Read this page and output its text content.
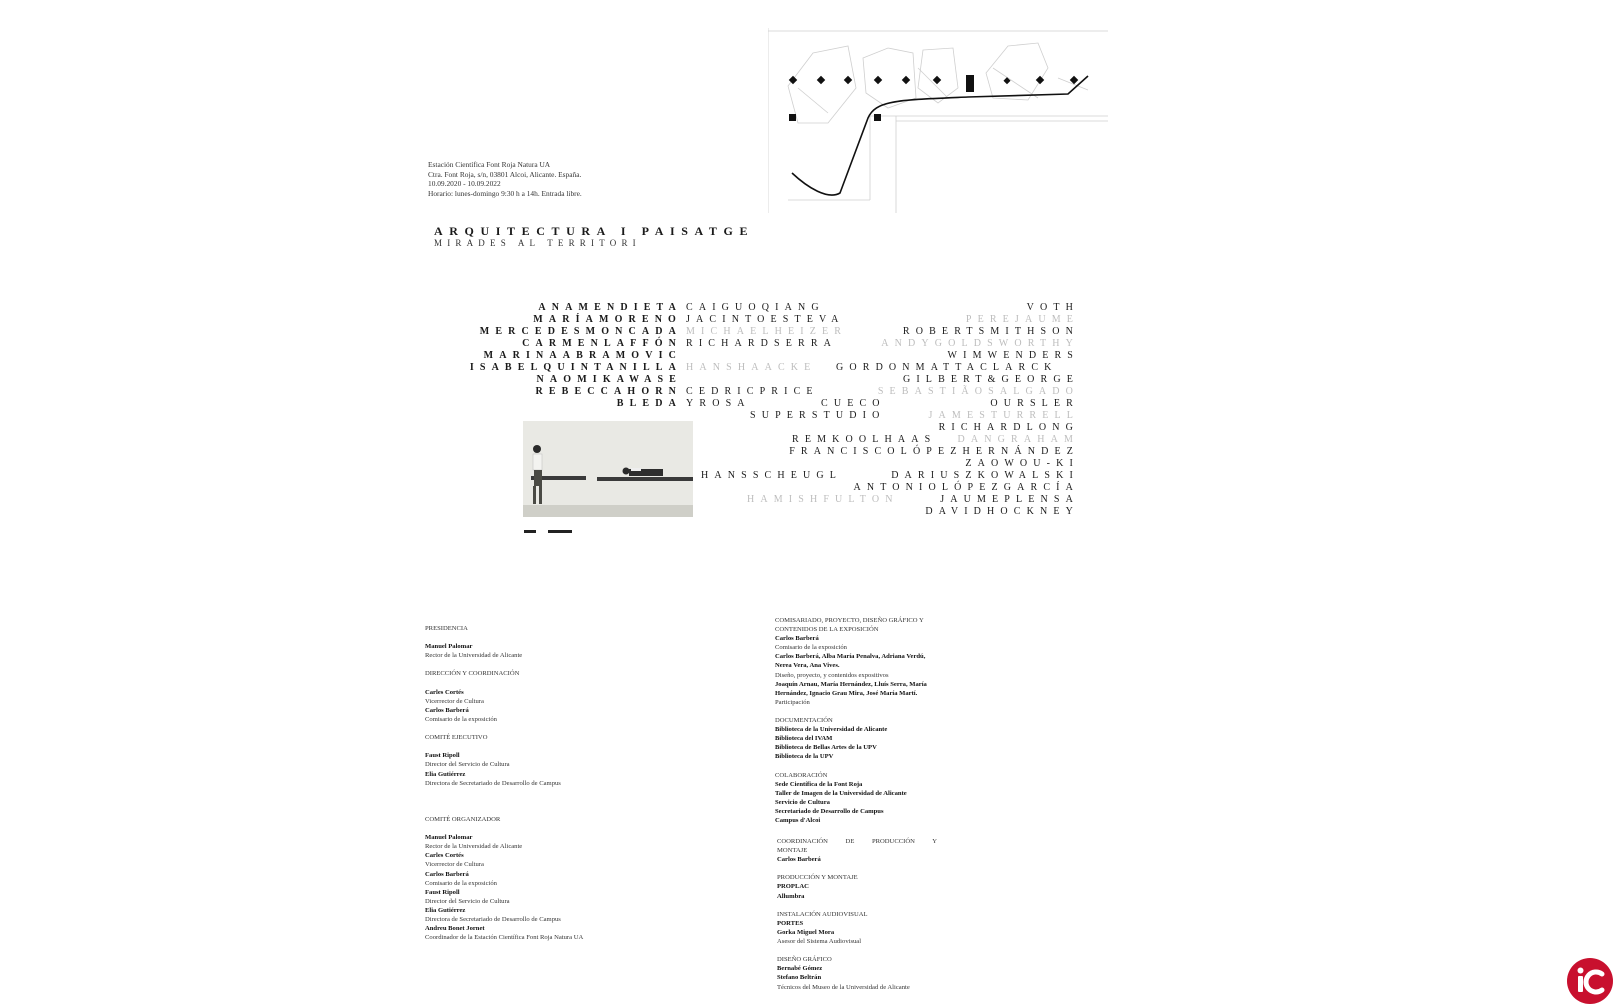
Estación Científica Font Roja Natura UA
Ctra. Font Roja, s/n, 03801 Alcoi, Alicante. España.
10.09.2020 - 10.09.2022
Horario: lunes-domingo 9:30 h a 14h. Entrada libre.
ARQUITECTURA I PAISATGE
MIRADES AL TERRITORI
ANAMENDIETA
MARÍAMORENO
MERCEDESMONCADA
CARMENLAFFÓN
MARINAABRAMOVIC
ISABELQUINTANILLA
NAOMIKAWASE
REBECCAHORN
BLEDA
CAIGUOQIANG
JACINTOESTEVA
MICHAELHEIZER
RICHARDSERRA
HANSHAACKE GORDONMATTACLARCK
CEDRICPRICE
YROSA	CUECO
VOTH
PEREJAUME
ROBERTSMITHSON
ANDYGOLDSWORTHY
WIMWENDERS
GILBERT&GEORGE
SEBASTIÃOSALGADO
OURSLER
SUPERSTUDIO	JAMESTURRELL
RICHARDLONG
REMKOOLHAAS DANGRAHAM
FRANCISCOLÓPEZHERNÁNDEZ
ZAOWOU-KI
HANSSCHEUGL	DARIUSZKOWALSKI
ANTONIOLÓPEZGARCÍA
HAMISHFULTON	JAUMEPLENSA
DAVIDHOCKNEY
PRESIDENCIA
Manuel Palomar
Rector de la Universidad de Alicante
DIRECCIÓN Y COORDINACIÓN
Carles Cortés
Vicerrector de Cultura
Carlos Barberá
Comisario de la exposición
COMITÉ EJECUTIVO
Faust Ripoll
Director del Servicio de Cultura
Elia Gutiérrez
Directora de Secretariado de Desarrollo de Campus
COMITÉ ORGANIZADOR
Manuel Palomar
Rector de la Universidad de Alicante
Carles Cortés
Vicerrector de Cultura
Carlos Barberá
Comisario de la exposición
Faust Ripoll
Director del Servicio de Cultura
Elia Gutiérrez
Directora de Secretariado de Desarrollo de Campus
Andreu Bonet Jornet
Coordinador de la Estación Científica Font Roja Natura UA
COMISARIADO, PROYECTO, DISEÑO GRÁFICO Y
CONTENIDOS DE LA EXPOSICIÓN
Carlos Barberá
Comisario de la exposición
Carlos Barberá, Alba María Penalva, Adriana Verdú,
Nerea Vera, Ana Vives.
Diseño, proyecto, y contenidos expositivos
Joaquín Arnau, María Hernández, Lluís Serra, María
Hernández, Ignacio Grau Mira, José María Martí.
Participación
DOCUMENTACIÓN
Biblioteca de la Universidad de Alicante
Biblioteca del IVAM
Biblioteca de Bellas Artes de la UPV
Biblioteca de la UPV
COLABORACIÓN
Sede Científica de la Font Roja
Taller de Imagen de la Universidad de Alicante
Servicio de Cultura
Secretariado de Desarrollo de Campus
Campus d'Alcoi
COORDINACIÓN DE PRODUCCIÓN Y
MONTAJE
Carlos Barberá
PRODUCCIÓN Y MONTAJE
PROPLAC
Allumbra
INSTALACIÓN AUDIOVISUAL
PORTES
Gorka Miguel Mora
Asesor del Sistema Audiovisual
DISEÑO GRÁFICO
Bernabé Gómez
Stefano Beltrán
Técnicos del Museo de la Universidad de Alicante
